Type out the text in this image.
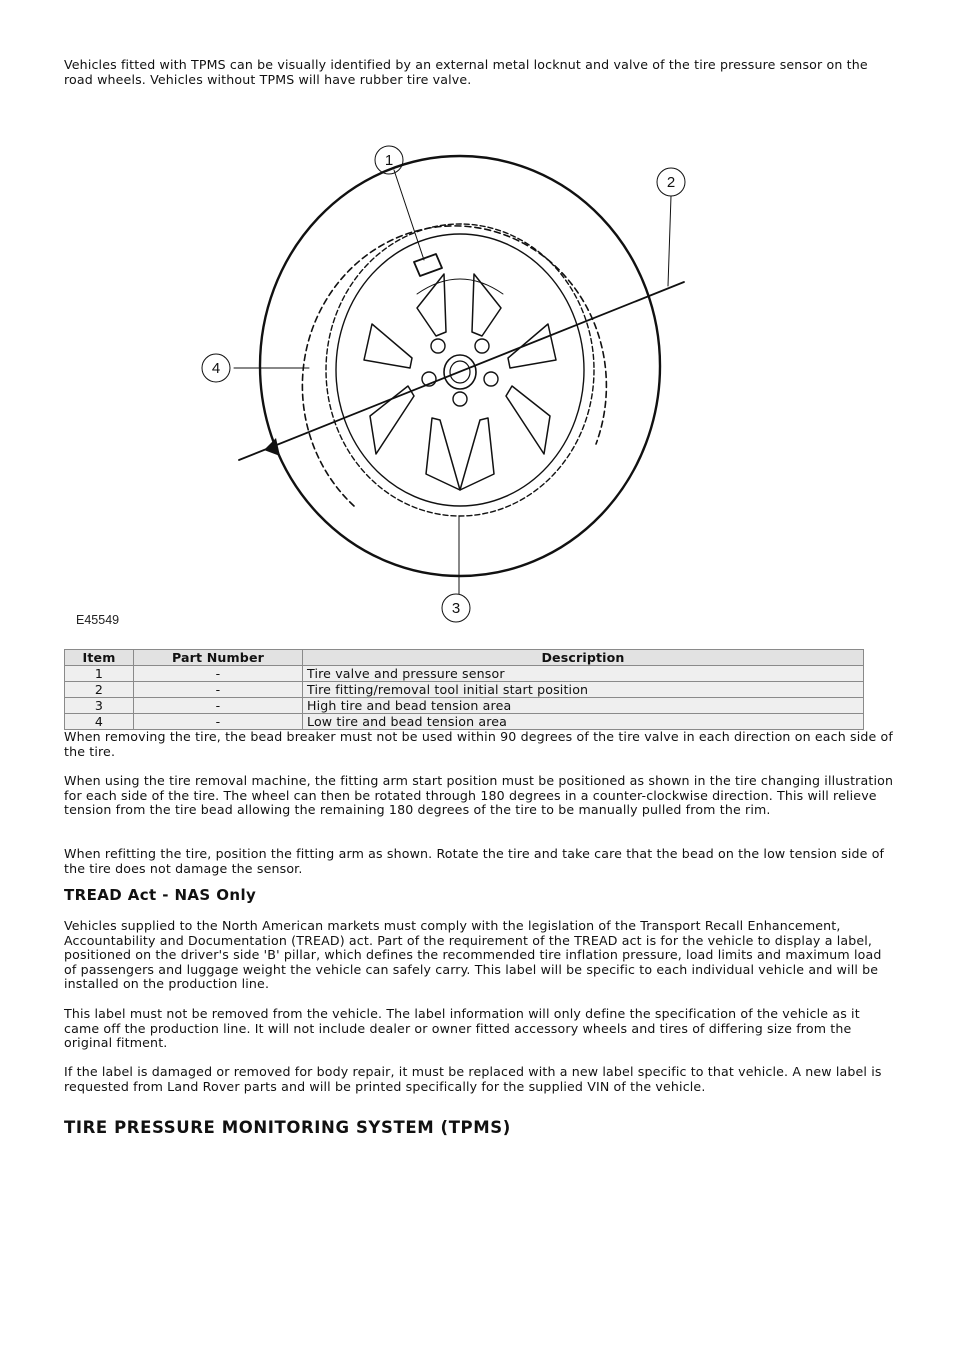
Vehicles fitted with TPMS can be visually identified by an external metal locknut and valve of the tire pressure sensor on the road wheels. Vehicles without TPMS will have rubber tire valve.

1
2
3
4
E45549
Item	Part Number	Description
1	-	Tire valve and pressure sensor
2	-	Tire fitting/removal tool initial start position
3	-	High tire and bead tension area
4	-	Low tire and bead tension area

When removing the tire, the bead breaker must not be used within 90 degrees of the tire valve in each direction on each side of the tire.

When using the tire removal machine, the fitting arm start position must be positioned as shown in the tire changing illustration for each side of the tire. The wheel can then be rotated through 180 degrees in a counter-clockwise direction. This will relieve tension from the tire bead allowing the remaining 180 degrees of the tire to be manually pulled from the rim.

When refitting the tire, position the fitting arm as shown. Rotate the tire and take care that the bead on the low tension side of the tire does not damage the sensor.

TREAD Act - NAS Only

Vehicles supplied to the North American markets must comply with the legislation of the Transport Recall Enhancement, Accountability and Documentation (TREAD) act. Part of the requirement of the TREAD act is for the vehicle to display a label, positioned on the driver's side 'B' pillar, which defines the recommended tire inflation pressure, load limits and maximum load of passengers and luggage weight the vehicle can safely carry. This label will be specific to each individual vehicle and will be installed on the production line.

This label must not be removed from the vehicle. The label information will only define the specification of the vehicle as it came off the production line. It will not include dealer or owner fitted accessory wheels and tires of differing size from the original fitment.

If the label is damaged or removed for body repair, it must be replaced with a new label specific to that vehicle. A new label is requested from Land Rover parts and will be printed specifically for the supplied VIN of the vehicle.

TIRE PRESSURE MONITORING SYSTEM (TPMS)
